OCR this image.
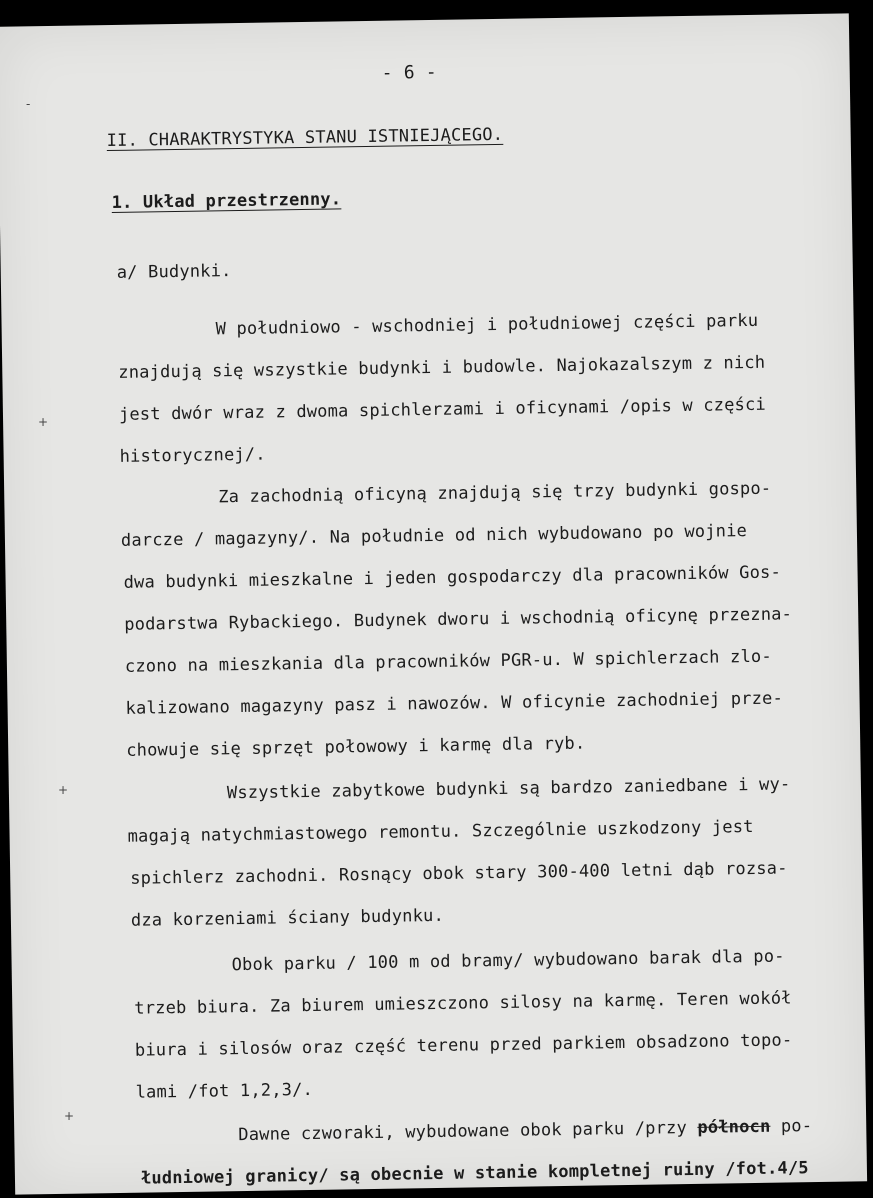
- 6 -
II. CHARAKTRYSTYKA STANU ISTNIEJĄCEGO.
1. Układ przestrzenny.
a/ Budynki.
W południowo - wschodniej i południowej części parku
znajdują się wszystkie budynki i budowle. Najokazalszym z nich
jest dwór wraz z dwoma spichlerzami i oficynami /opis w części
historycznej/.
Za zachodnią oficyną znajdują się trzy budynki gospo-
darcze / magazyny/. Na południe od nich wybudowano po wojnie
dwa budynki mieszkalne i jeden gospodarczy dla pracowników Gos-
podarstwa Rybackiego. Budynek dworu i wschodnią oficynę przezna-
czono na mieszkania dla pracowników PGR-u. W spichlerzach zlo-
kalizowano magazyny pasz i nawozów. W oficynie zachodniej prze-
chowuje się sprzęt połowowy i karmę dla ryb.
Wszystkie zabytkowe budynki są bardzo zaniedbane i wy-
magają natychmiastowego remontu. Szczególnie uszkodzony jest
spichlerz zachodni. Rosnący obok stary 300-400 letni dąb rozsa-
dza korzeniami ściany budynku.
Obok parku / 100 m od bramy/ wybudowano barak dla po-
trzeb biura. Za biurem umieszczono silosy na karmę. Teren wokół
biura i silosów oraz część terenu przed parkiem obsadzono topo-
lami /fot 1,2,3/.
Dawne czworaki, wybudowane obok parku /przy północn po-
łudniowej granicy/ są obecnie w stanie kompletnej ruiny /fot.4/5
-
+
+
+
